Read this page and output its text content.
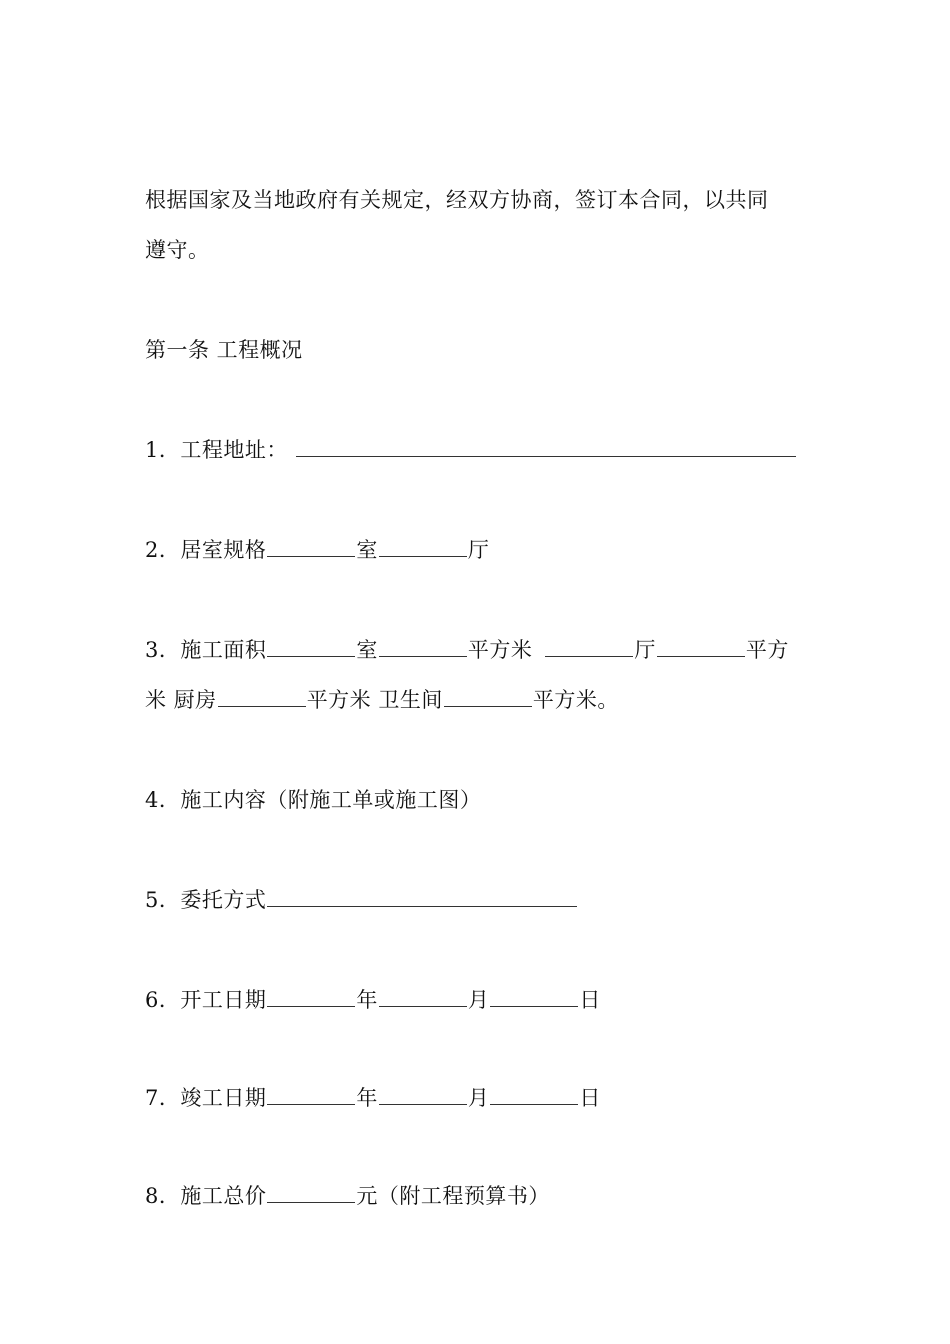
根据国家及当地政府有关规定，经双方协商，签订本合同，以共同
遵守。
第一条 工程概况
1．工程地址：
2．居室规格	室	厅
3．施工面积	室	平方米	厅	平方
米 厨房	平方米 卫生间	平方米。
4．施工内容（附施工单或施工图）
5．委托方式
6．开工日期	年	月	日
7．竣工日期	年	月	日
8．施工总价	元（附工程预算书）
